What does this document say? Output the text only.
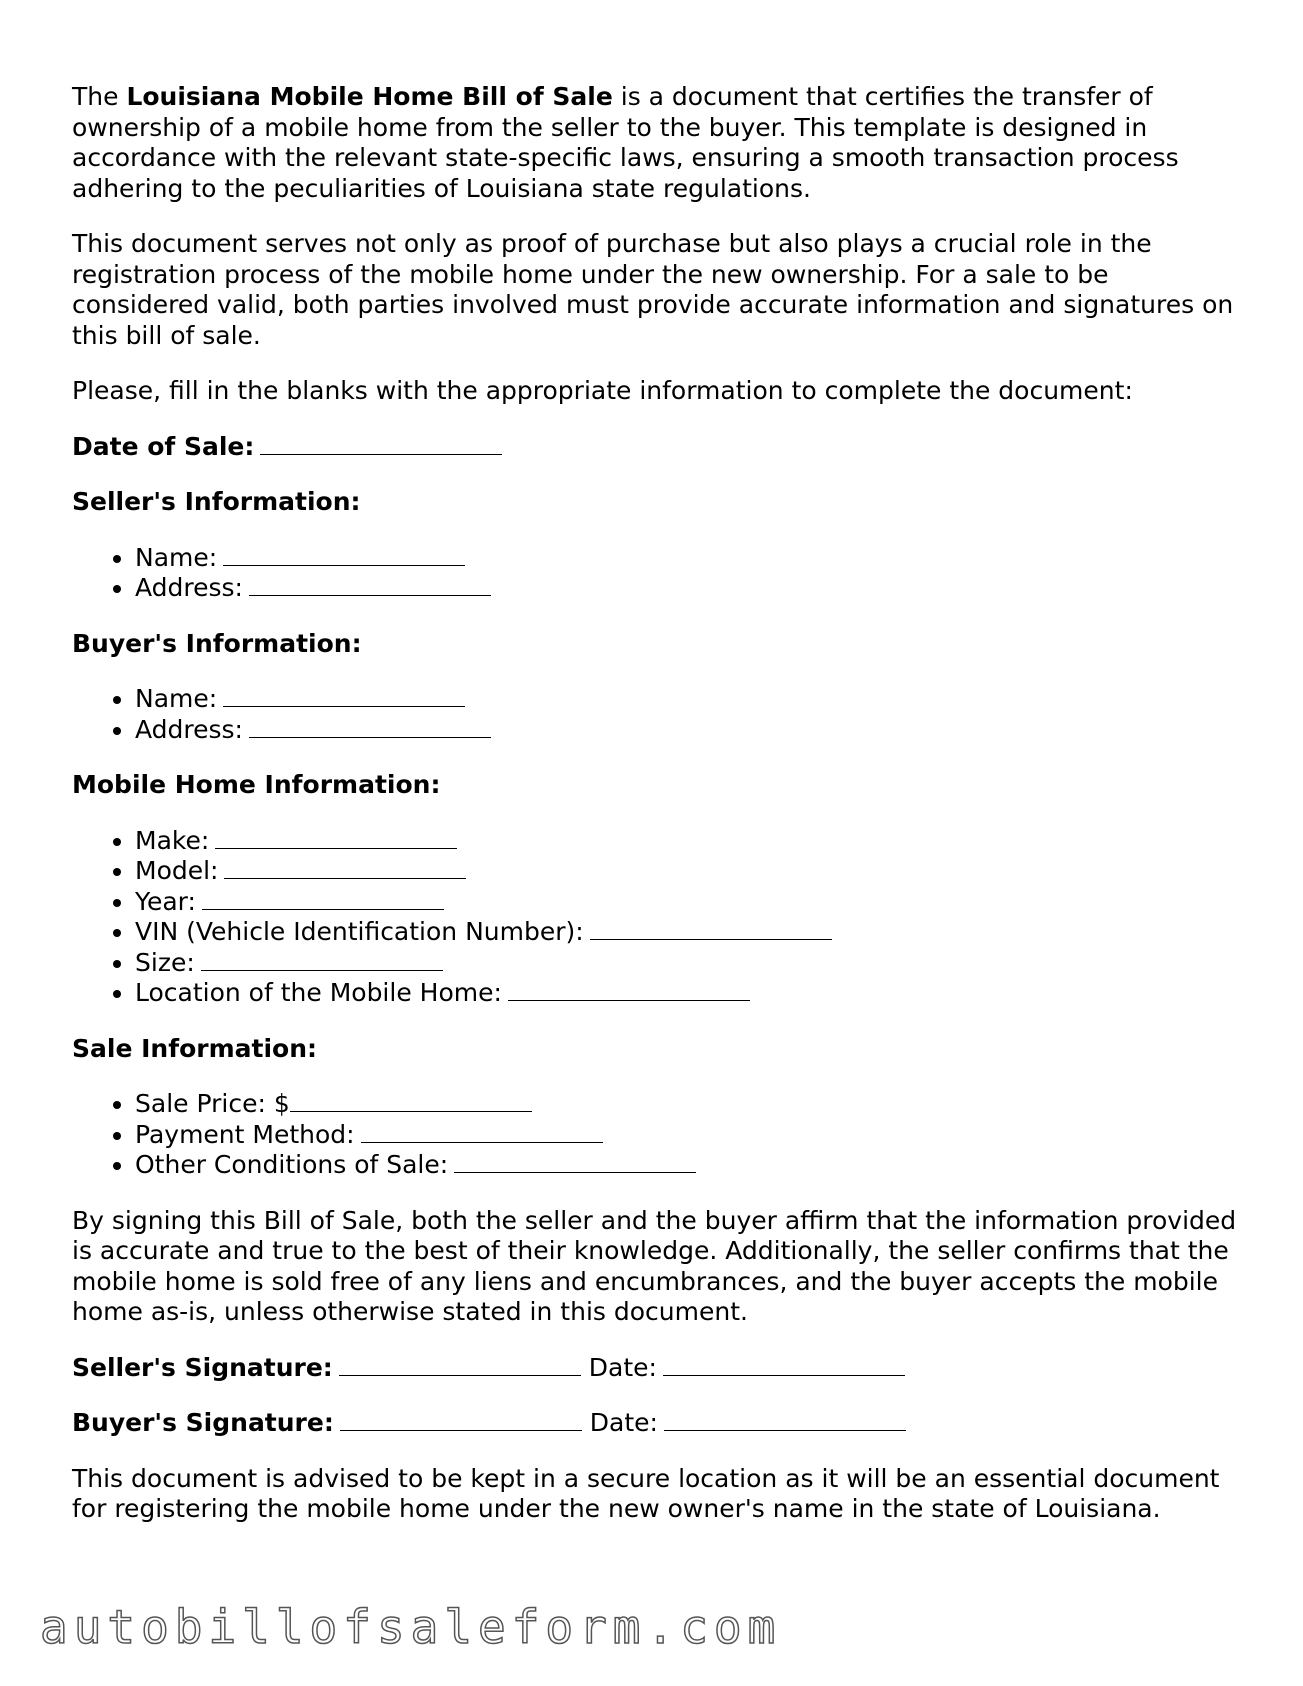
The Louisiana Mobile Home Bill of Sale is a document that certifies the transfer of ownership of a mobile home from the seller to the buyer. This template is designed in accordance with the relevant state-specific laws, ensuring a smooth transaction process adhering to the peculiarities of Louisiana state regulations.

This document serves not only as proof of purchase but also plays a crucial role in the registration process of the mobile home under the new ownership. For a sale to be considered valid, both parties involved must provide accurate information and signatures on this bill of sale.

Please, fill in the blanks with the appropriate information to complete the document:

Date of Sale:
Seller's Information:
• Name:
• Address:
Buyer's Information:
• Name:
• Address:
Mobile Home Information:
• Make:
• Model:
• Year:
• VIN (Vehicle Identification Number):
• Size:
• Location of the Mobile Home:
Sale Information:
• Sale Price: $
• Payment Method:
• Other Conditions of Sale:

By signing this Bill of Sale, both the seller and the buyer affirm that the information provided is accurate and true to the best of their knowledge. Additionally, the seller confirms that the mobile home is sold free of any liens and encumbrances, and the buyer accepts the mobile home as-is, unless otherwise stated in this document.

Seller's Signature:	Date:
Buyer's Signature:	Date:

This document is advised to be kept in a secure location as it will be an essential document for registering the mobile home under the new owner's name in the state of Louisiana.

autobillofsaleform.com
